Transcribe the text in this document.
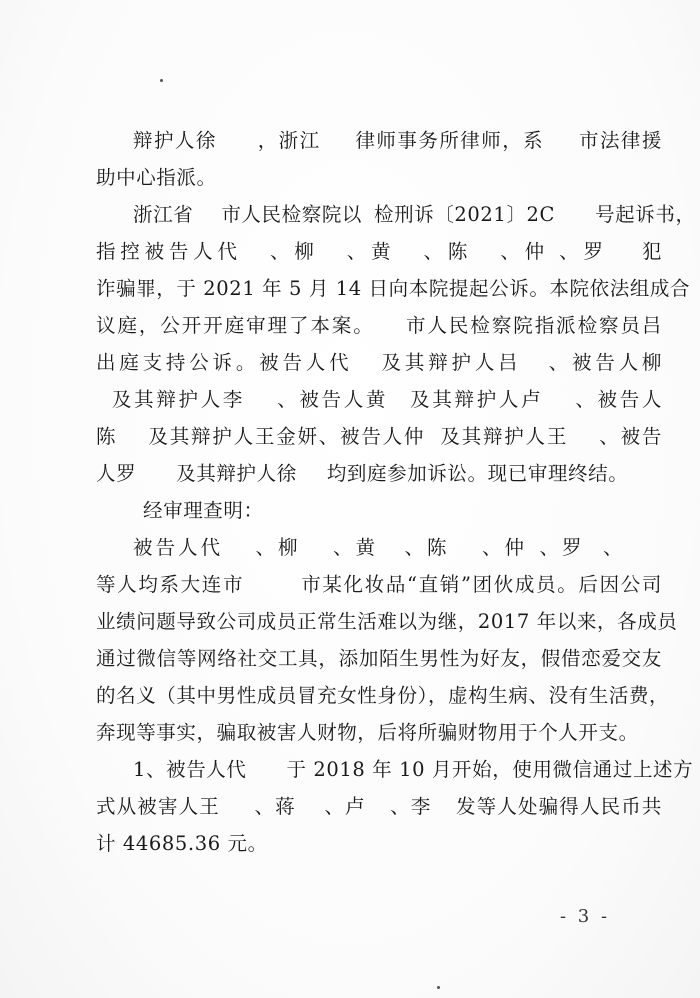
辩护人徐 ，浙江 律师事务所律师，系 市法律援
助中心指派。
浙江省 市人民检察院以 检刑诉〔2021〕2C 号起诉书，
指控被告人代 、柳 、黄 、陈 、仲 、罗 犯
诈骗罪，于 2021 年 5 月 14 日向本院提起公诉。本院依法组成合
议庭，公开开庭审理了本案。 市人民检察院指派检察员吕
出庭支持公诉。被告人代 及其辩护人吕 、被告人柳
及其辩护人李 、被告人黄 及其辩护人卢 、被告人
陈 及其辩护人王金妍、被告人仲 及其辩护人王 、被告
人罗 及其辩护人徐 均到庭参加诉讼。现已审理终结。
经审理查明：
被告人代 、柳 、黄 、陈 、仲 、罗 、
等人均系大连市	市某化妆品“直销”团伙成员。后因公司
业绩问题导致公司成员正常生活难以为继，2017 年以来，各成员
通过微信等网络社交工具，添加陌生男性为好友，假借恋爱交友
的名义（其中男性成员冒充女性身份），虚构生病、没有生活费，
奔现等事实，骗取被害人财物，后将所骗财物用于个人开支。
1、被告人代 于 2018 年 10 月开始，使用微信通过上述方
式从被害人王 、蒋 、卢 、李 发等人处骗得人民币共
计 44685.36 元。
- 3 -
